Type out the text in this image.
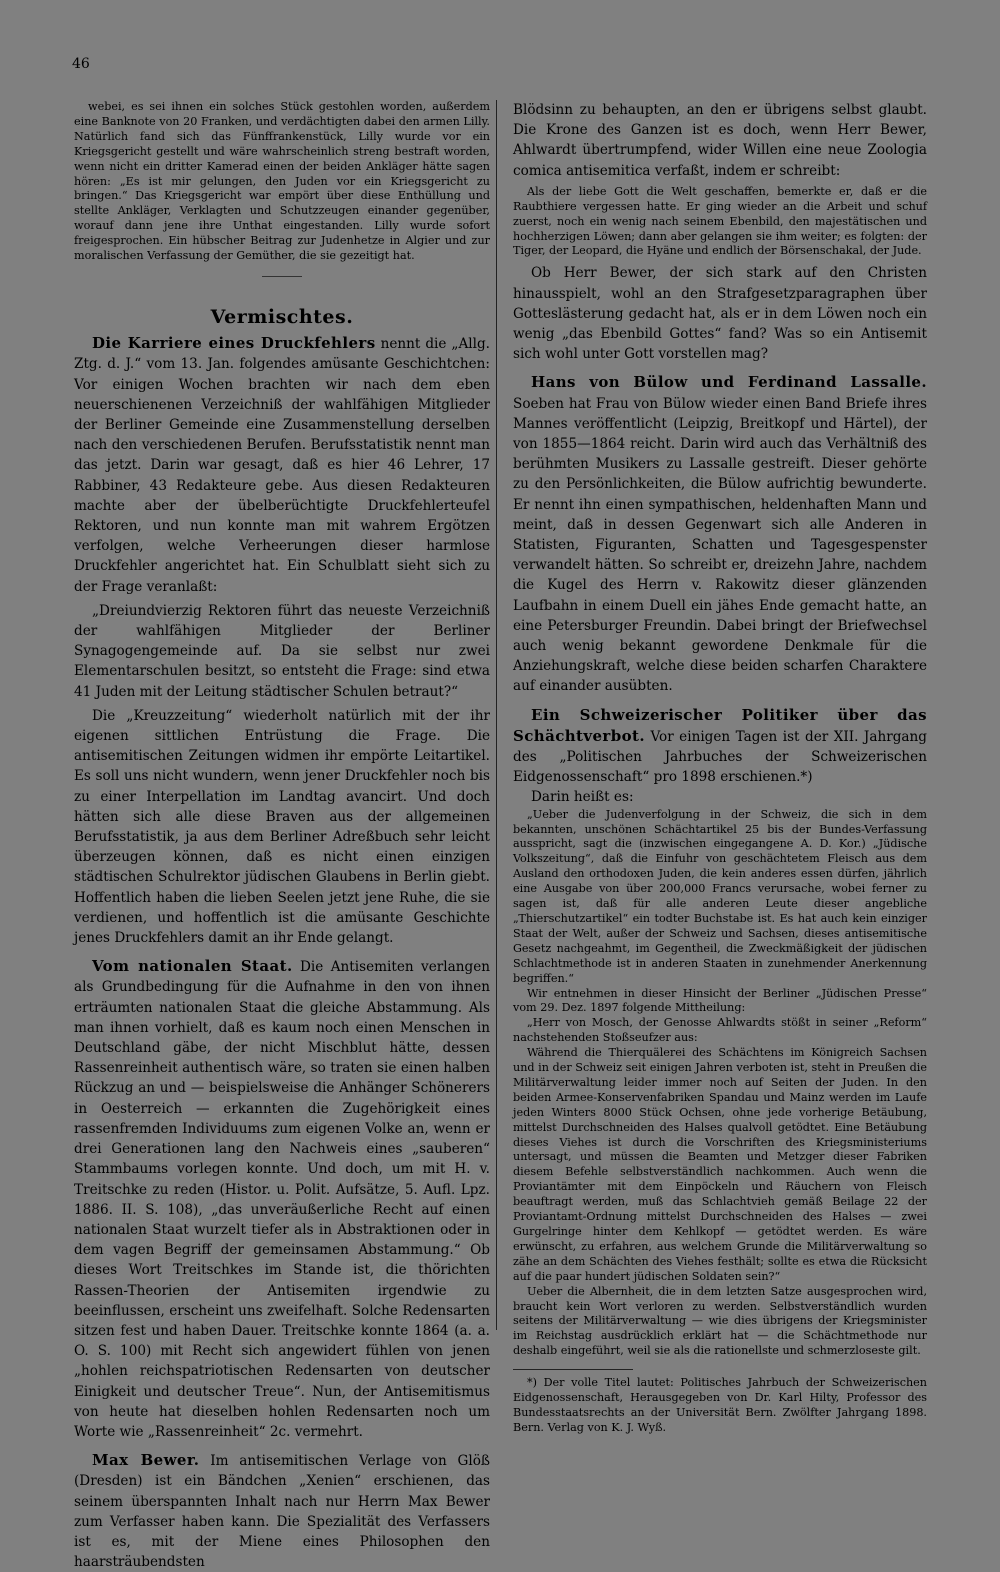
46

webei, es sei ihnen ein solches Stück gestohlen worden, außerdem eine Banknote von 20 Franken, und verdächtigten dabei den armen Lilly. Natürlich fand sich das Fünffrankenstück, Lilly wurde vor ein Kriegsgericht gestellt und wäre wahrscheinlich streng bestraft worden, wenn nicht ein dritter Kamerad einen der beiden Ankläger hätte sagen hören: „Es ist mir gelungen, den Juden vor ein Kriegsgericht zu bringen.“ Das Kriegsgericht war empört über diese Enthüllung und stellte Ankläger, Verklagten und Schutzzeugen einander gegenüber, worauf dann jene ihre Unthat eingestanden. Lilly wurde sofort freigesprochen. Ein hübscher Beitrag zur Judenhetze in Algier und zur moralischen Verfassung der Gemüther, die sie gezeitigt hat.

Vermischtes.

Die Karriere eines Druckfehlers nennt die „Allg. Ztg. d. J.“ vom 13. Jan. folgendes amüsante Geschichtchen: Vor einigen Wochen brachten wir nach dem eben neuerschienenen Verzeichniß der wahlfähigen Mitglieder der Berliner Gemeinde eine Zusammenstellung derselben nach den verschiedenen Berufen. Berufsstatistik nennt man das jetzt. Darin war gesagt, daß es hier 46 Lehrer, 17 Rabbiner, 43 Redakteure gebe. Aus diesen Redakteuren machte aber der übelberüchtigte Druckfehlerteufel Rektoren, und nun konnte man mit wahrem Ergötzen verfolgen, welche Verheerungen dieser harmlose Druckfehler angerichtet hat. Ein Schulblatt sieht sich zu der Frage veranlaßt:

„Dreiundvierzig Rektoren führt das neueste Verzeichniß der wahlfähigen Mitglieder der Berliner Synagogengemeinde auf. Da sie selbst nur zwei Elementarschulen besitzt, so entsteht die Frage: sind etwa 41 Juden mit der Leitung städtischer Schulen betraut?“

Die „Kreuzzeitung“ wiederholt natürlich mit der ihr eigenen sittlichen Entrüstung die Frage. Die antisemitischen Zeitungen widmen ihr empörte Leitartikel. Es soll uns nicht wundern, wenn jener Druckfehler noch bis zu einer Interpellation im Landtag avancirt. Und doch hätten sich alle diese Braven aus der allgemeinen Berufsstatistik, ja aus dem Berliner Adreßbuch sehr leicht überzeugen können, daß es nicht einen einzigen städtischen Schulrektor jüdischen Glaubens in Berlin giebt. Hoffentlich haben die lieben Seelen jetzt jene Ruhe, die sie verdienen, und hoffentlich ist die amüsante Geschichte jenes Druckfehlers damit an ihr Ende gelangt.

Vom nationalen Staat. Die Antisemiten verlangen als Grundbedingung für die Aufnahme in den von ihnen erträumten nationalen Staat die gleiche Abstammung. Als man ihnen vorhielt, daß es kaum noch einen Menschen in Deutschland gäbe, der nicht Mischblut hätte, dessen Rassenreinheit authentisch wäre, so traten sie einen halben Rückzug an und — beispielsweise die Anhänger Schönerers in Oesterreich — erkannten die Zugehörigkeit eines rassenfremden Individuums zum eigenen Volke an, wenn er drei Generationen lang den Nachweis eines „sauberen“ Stammbaums vorlegen konnte. Und doch, um mit H. v. Treitschke zu reden (Histor. u. Polit. Aufsätze, 5. Aufl. Lpz. 1886. II. S. 108), „das unveräußerliche Recht auf einen nationalen Staat wurzelt tiefer als in Abstraktionen oder in dem vagen Begriff der gemeinsamen Abstammung.“ Ob dieses Wort Treitschkes im Stande ist, die thörichten Rassen-Theorien der Antisemiten irgendwie zu beeinflussen, erscheint uns zweifelhaft. Solche Redensarten sitzen fest und haben Dauer. Treitschke konnte 1864 (a. a. O. S. 100) mit Recht sich angewidert fühlen von jenen „hohlen reichspatriotischen Redensarten von deutscher Einigkeit und deutscher Treue“. Nun, der Antisemitismus von heute hat dieselben hohlen Redensarten noch um Worte wie „Rassenreinheit“ 2c. vermehrt.

Max Bewer. Im antisemitischen Verlage von Glöß (Dresden) ist ein Bändchen „Xenien“ erschienen, das seinem überspannten Inhalt nach nur Herrn Max Bewer zum Verfasser haben kann. Die Spezialität des Verfassers ist es, mit der Miene eines Philosophen den haarsträubendsten

Blödsinn zu behaupten, an den er übrigens selbst glaubt. Die Krone des Ganzen ist es doch, wenn Herr Bewer, Ahlwardt übertrumpfend, wider Willen eine neue Zoologia comica antisemitica verfaßt, indem er schreibt:

Als der liebe Gott die Welt geschaffen, bemerkte er, daß er die Raubthiere vergessen hatte. Er ging wieder an die Arbeit und schuf zuerst, noch ein wenig nach seinem Ebenbild, den majestätischen und hochherzigen Löwen; dann aber gelangen sie ihm weiter; es folgten: der Tiger, der Leopard, die Hyäne und endlich der Börsenschakal, der Jude.

Ob Herr Bewer, der sich stark auf den Christen hinausspielt, wohl an den Strafgesetzparagraphen über Gotteslästerung gedacht hat, als er in dem Löwen noch ein wenig „das Ebenbild Gottes“ fand? Was so ein Antisemit sich wohl unter Gott vorstellen mag?

Hans von Bülow und Ferdinand Lassalle. Soeben hat Frau von Bülow wieder einen Band Briefe ihres Mannes veröffentlicht (Leipzig, Breitkopf und Härtel), der von 1855—1864 reicht. Darin wird auch das Verhältniß des berühmten Musikers zu Lassalle gestreift. Dieser gehörte zu den Persönlichkeiten, die Bülow aufrichtig bewunderte. Er nennt ihn einen sympathischen, heldenhaften Mann und meint, daß in dessen Gegenwart sich alle Anderen in Statisten, Figuranten, Schatten und Tagesgespenster verwandelt hätten. So schreibt er, dreizehn Jahre, nachdem die Kugel des Herrn v. Rakowitz dieser glänzenden Laufbahn in einem Duell ein jähes Ende gemacht hatte, an eine Petersburger Freundin. Dabei bringt der Briefwechsel auch wenig bekannt gewordene Denkmale für die Anziehungskraft, welche diese beiden scharfen Charaktere auf einander ausübten.

Ein Schweizerischer Politiker über das Schächtverbot. Vor einigen Tagen ist der XII. Jahrgang des „Politischen Jahrbuches der Schweizerischen Eidgenossenschaft“ pro 1898 erschienen.*)

Darin heißt es:

„Ueber die Judenverfolgung in der Schweiz, die sich in dem bekannten, unschönen Schächtartikel 25 bis der Bundes-Verfassung ausspricht, sagt die (inzwischen eingegangene A. D. Kor.) „Jüdische Volkszeitung“, daß die Einfuhr von geschächtetem Fleisch aus dem Ausland den orthodoxen Juden, die kein anderes essen dürfen, jährlich eine Ausgabe von über 200,000 Francs verursache, wobei ferner zu sagen ist, daß für alle anderen Leute dieser angebliche „Thierschutzartikel“ ein todter Buchstabe ist. Es hat auch kein einziger Staat der Welt, außer der Schweiz und Sachsen, dieses antisemitische Gesetz nachgeahmt, im Gegentheil, die Zweckmäßigkeit der jüdischen Schlachtmethode ist in anderen Staaten in zunehmender Anerkennung begriffen.“

Wir entnehmen in dieser Hinsicht der Berliner „Jüdischen Presse“ vom 29. Dez. 1897 folgende Mittheilung:

„Herr von Mosch, der Genosse Ahlwardts stößt in seiner „Reform“ nachstehenden Stoßseufzer aus:

Während die Thierquälerei des Schächtens im Königreich Sachsen und in der Schweiz seit einigen Jahren verboten ist, steht in Preußen die Militärverwaltung leider immer noch auf Seiten der Juden. In den beiden Armee-Konservenfabriken Spandau und Mainz werden im Laufe jeden Winters 8000 Stück Ochsen, ohne jede vorherige Betäubung, mittelst Durchschneiden des Halses qualvoll getödtet. Eine Betäubung dieses Viehes ist durch die Vorschriften des Kriegsministeriums untersagt, und müssen die Beamten und Metzger dieser Fabriken diesem Befehle selbstverständlich nachkommen. Auch wenn die Proviantämter mit dem Einpöckeln und Räuchern von Fleisch beauftragt werden, muß das Schlachtvieh gemäß Beilage 22 der Proviantamt-Ordnung mittelst Durchschneiden des Halses — zwei Gurgelringe hinter dem Kehlkopf — getödtet werden. Es wäre erwünscht, zu erfahren, aus welchem Grunde die Militärverwaltung so zähe an dem Schächten des Viehes festhält; sollte es etwa die Rücksicht auf die paar hundert jüdischen Soldaten sein?“

Ueber die Albernheit, die in dem letzten Satze ausgesprochen wird, braucht kein Wort verloren zu werden. Selbstverständlich wurden seitens der Militärverwaltung — wie dies übrigens der Kriegsminister im Reichstag ausdrücklich erklärt hat — die Schächtmethode nur deshalb eingeführt, weil sie als die rationellste und schmerzloseste gilt.

*) Der volle Titel lautet: Politisches Jahrbuch der Schweizerischen Eidgenossenschaft, Herausgegeben von Dr. Karl Hilty, Professor des Bundesstaatsrechts an der Universität Bern. Zwölfter Jahrgang 1898. Bern. Verlag von K. J. Wyß.
